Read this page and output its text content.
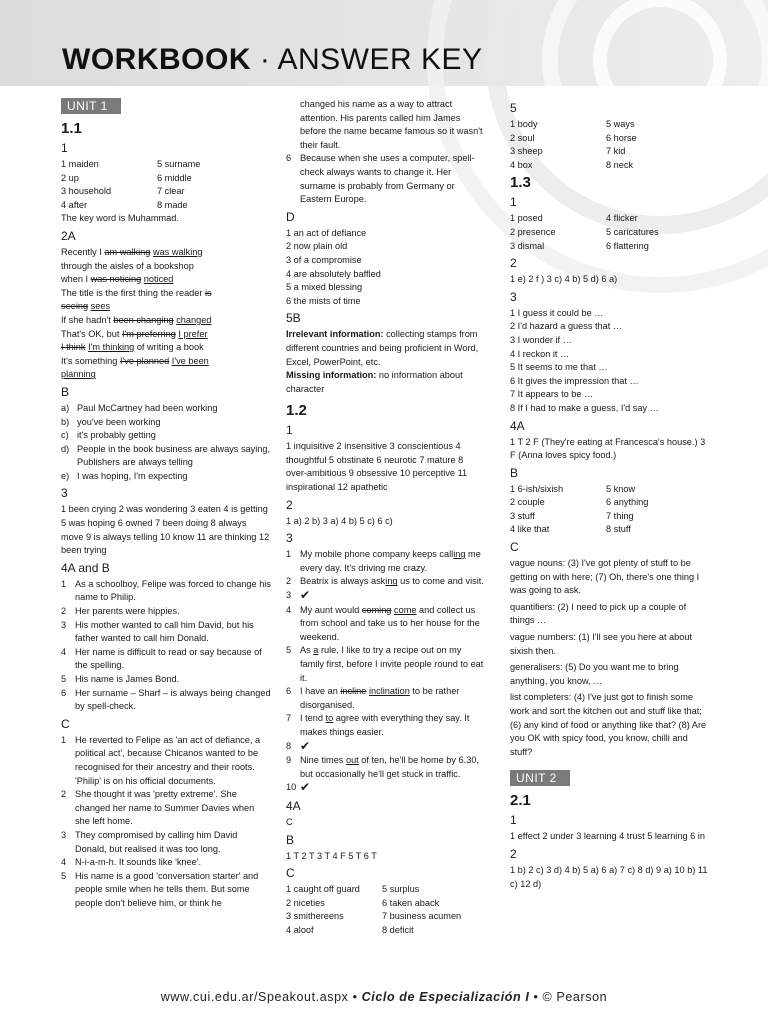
WORKBOOK · ANSWER KEY
UNIT 1
1.1
1
1 maiden	5 surname
2 up	6 middle
3 household	7 clear
4 after	8 made
The key word is Muhammad.
2A
Recently I am walking was walking
through the aisles of a bookshop
when I was noticing noticed
The title is the first thing the reader is
seeing sees
If she hadn't been changing changed
That's OK, but I'm preferring I prefer
I think I'm thinking of writing a book
It's something I've planned I've been
planning
B
a) Paul McCartney had been working
b) you've been working
c) it's probably getting
d) People in the book business are always saying, Publishers are always telling
e) I was hoping, I'm expecting
3
1 been crying 2 was wondering 3 eaten 4 is getting 5 was hoping 6 owned 7 been doing 8 always move 9 is always telling 10 know 11 are thinking 12 been trying
4A and B
1 As a schoolboy, Felipe was forced to change his name to Philip.
2 Her parents were hippies.
3 His mother wanted to call him David, but his father wanted to call him Donald.
4 Her name is difficult to read or say because of the spelling.
5 His name is James Bond.
6 Her surname – Sharf – is always being changed by spell-check.
C
1 He reverted to Felipe as 'an act of defiance, a political act', because Chicanos wanted to be recognised for their ancestry and their roots. 'Philip' is on his official documents.
2 She thought it was 'pretty extreme'. She changed her name to Summer Davies when she left home.
3 They compromised by calling him David Donald, but realised it was too long.
4 N-i-a-m-h. It sounds like 'knee'.
5 His name is a good 'conversation starter' and people smile when he tells them. But some people don't believe him, or think he
changed his name as a way to attract attention. His parents called him James before the name became famous so it wasn't their fault.
6 Because when she uses a computer, spell-check always wants to change it. Her surname is probably from Germany or Eastern Europe.
D
1 an act of defiance
2 now plain old
3 of a compromise
4 are absolutely baffled
5 a mixed blessing
6 the mists of time
5B
Irrelevant information: collecting stamps from different countries and being proficient in Word, Excel, PowerPoint, etc.
Missing information: no information about character
1.2
1
1 inquisitive 2 insensitive 3 conscientious 4 thoughtful 5 obstinate 6 neurotic 7 mature 8 over-ambitious 9 obsessive 10 perceptive 11 inspirational 12 apathetic
2
1 a) 2 b) 3 a) 4 b) 5 c) 6 c)
3
1 My mobile phone company keeps calling me every day. It's driving me crazy.
2 Beatrix is always asking us to come and visit.
3 ✔
4 My aunt would coming come and collect us from school and take us to her house for the weekend.
5 As a rule, I like to try a recipe out on my family first, before I invite people round to eat it.
6 I have an incline inclination to be rather disorganised.
7 I tend to agree with everything they say. It makes things easier.
8 ✔
9 Nine times out of ten, he'll be home by 6.30, but occasionally he'll get stuck in traffic.
10 ✔
4A
C
B
1 T 2 T 3 T 4 F 5 T 6 T
C
1 caught off guard	5 surplus
2 niceties	6 taken aback
3 smithereens	7 business acumen
4 aloof	8 deficit
5
1 body	5 ways
2 soul	6 horse
3 sheep	7 kid
4 box	8 neck
1.3
1
1 posed	4 flicker
2 presence	5 caricatures
3 dismal	6 flattering
2
1 e) 2 f ) 3 c) 4 b) 5 d) 6 a)
3
1 I guess it could be …
2 I'd hazard a guess that …
3 I wonder if …
4 I reckon it …
5 It seems to me that …
6 It gives the impression that …
7 It appears to be …
8 If I had to make a guess, I'd say …
4A
1 T 2 F (They're eating at Francesca's house.) 3 F (Anna loves spicy food.)
B
1 6-ish/sixish	5 know
2 couple	6 anything
3 stuff	7 thing
4 like that	8 stuff
C
vague nouns: (3) I've got plenty of stuff to be getting on with here; (7) Oh, there's one thing I was going to ask.
quantifiers: (2) I need to pick up a couple of things …
vague numbers: (1) I'll see you here at about sixish then.
generalisers: (5) Do you want me to bring anything, you know, …
list completers: (4) I've just got to finish some work and sort the kitchen out and stuff like that; (6) any kind of food or anything like that? (8) Are you OK with spicy food, you know, chilli and stuff?
UNIT 2
2.1
1
1 effect 2 under 3 learning 4 trust 5 learning 6 in
2
1 b) 2 c) 3 d) 4 b) 5 a) 6 a) 7 c) 8 d) 9 a) 10 b) 11 c) 12 d)
www.cui.edu.ar/Speakout.aspx • Ciclo de Especialización I • © Pearson
